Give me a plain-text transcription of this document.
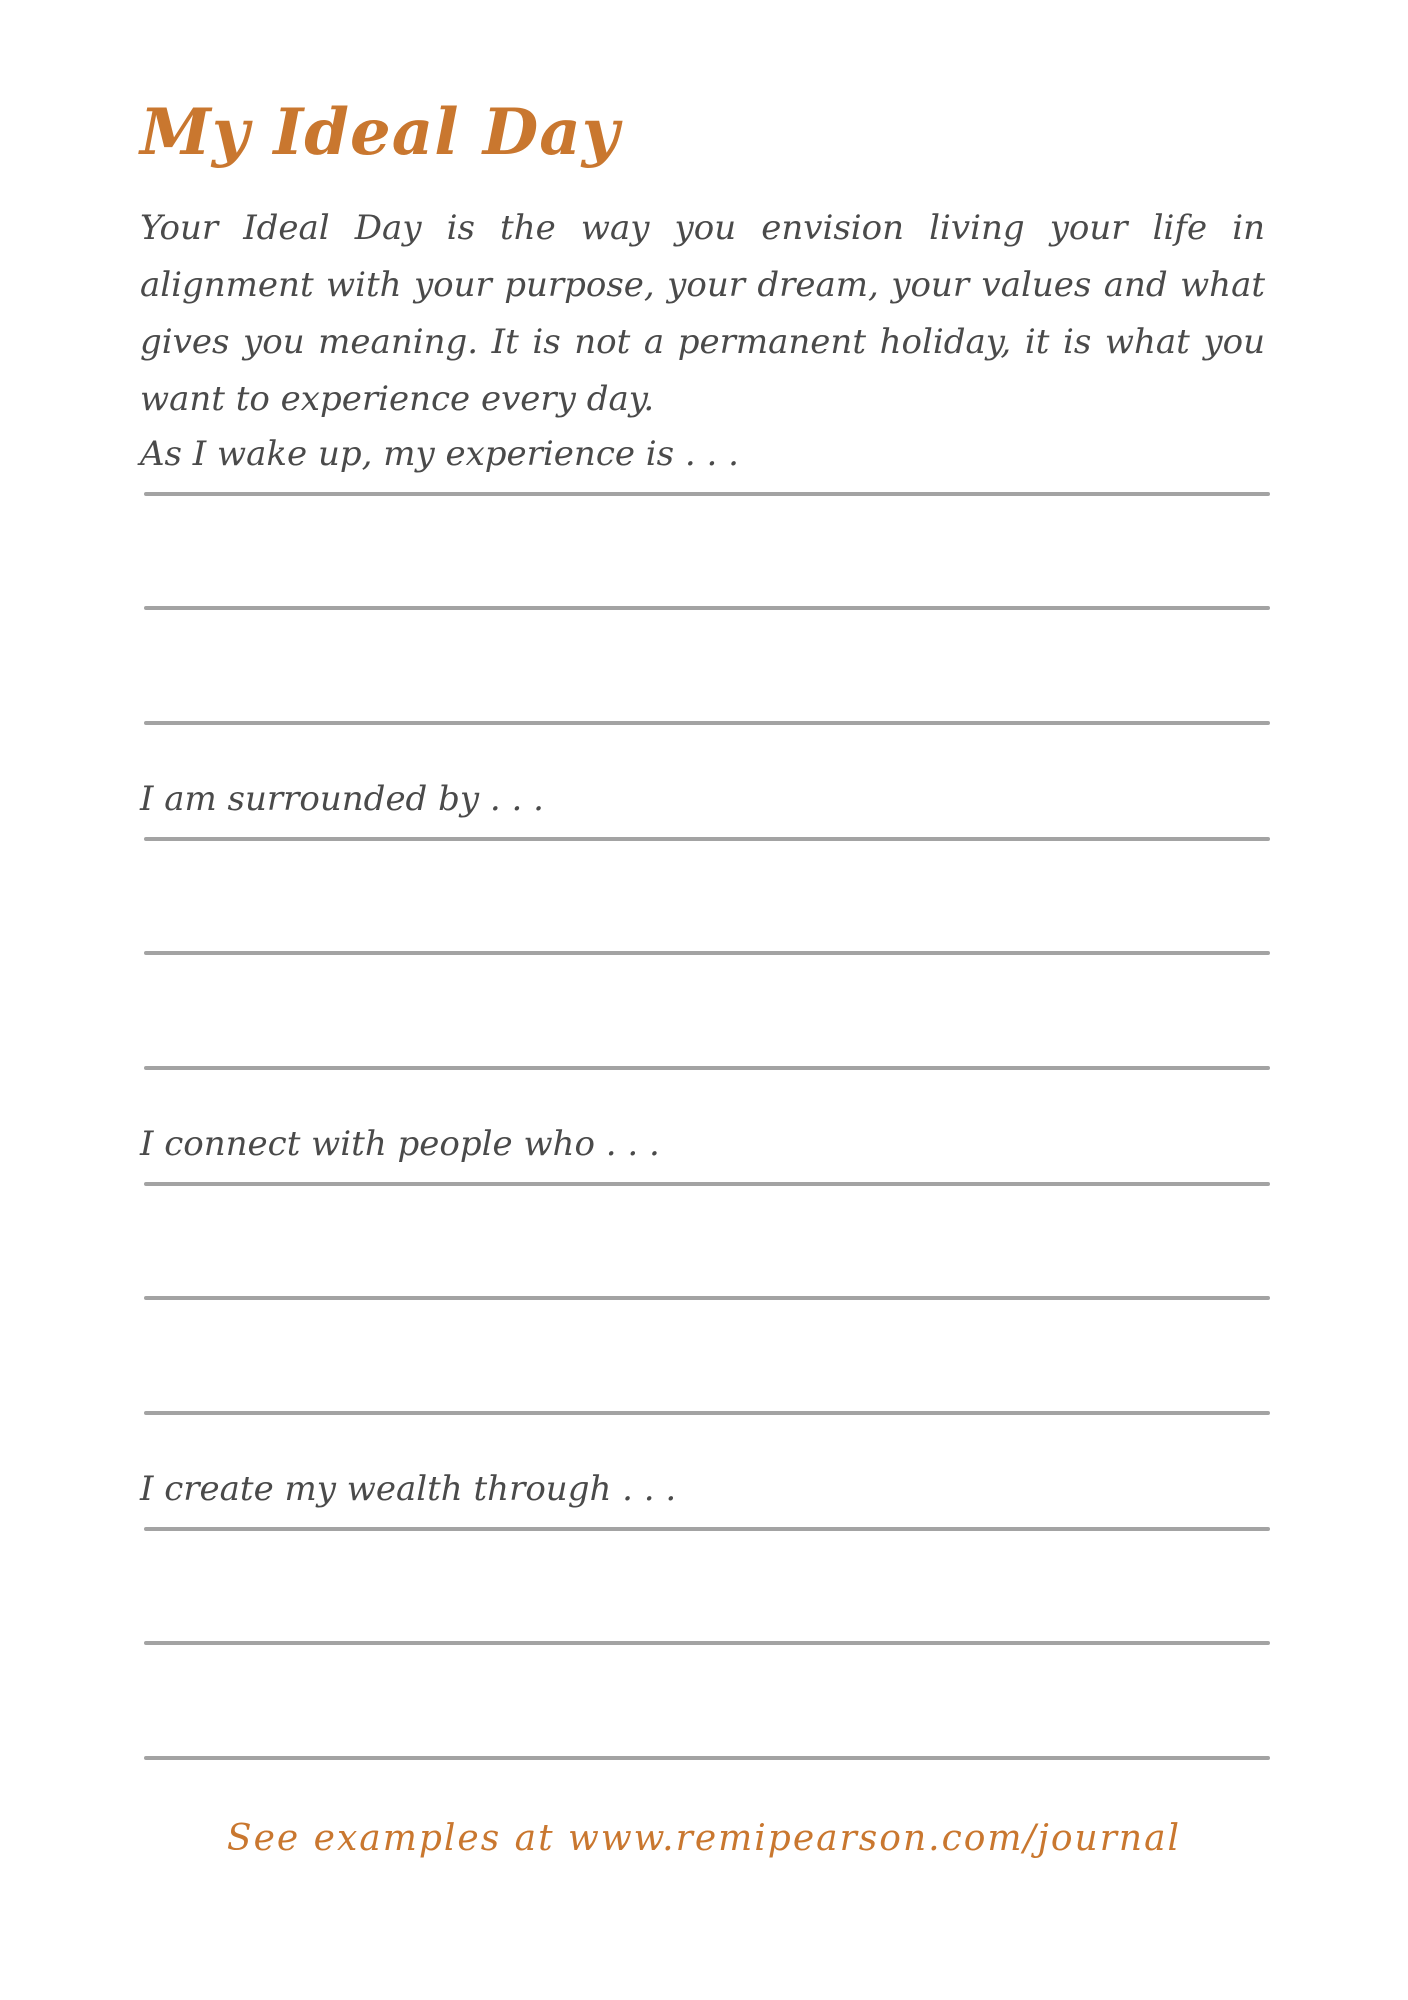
My Ideal Day

Your Ideal Day is the way you envision living your life in alignment with your purpose, your dream, your values and what gives you meaning. It is not a permanent holiday, it is what you want to experience every day.

As I wake up, my experience is . . .
I am surrounded by . . .
I connect with people who . . .
I create my wealth through . . .
See examples at www.remipearson.com/journal
